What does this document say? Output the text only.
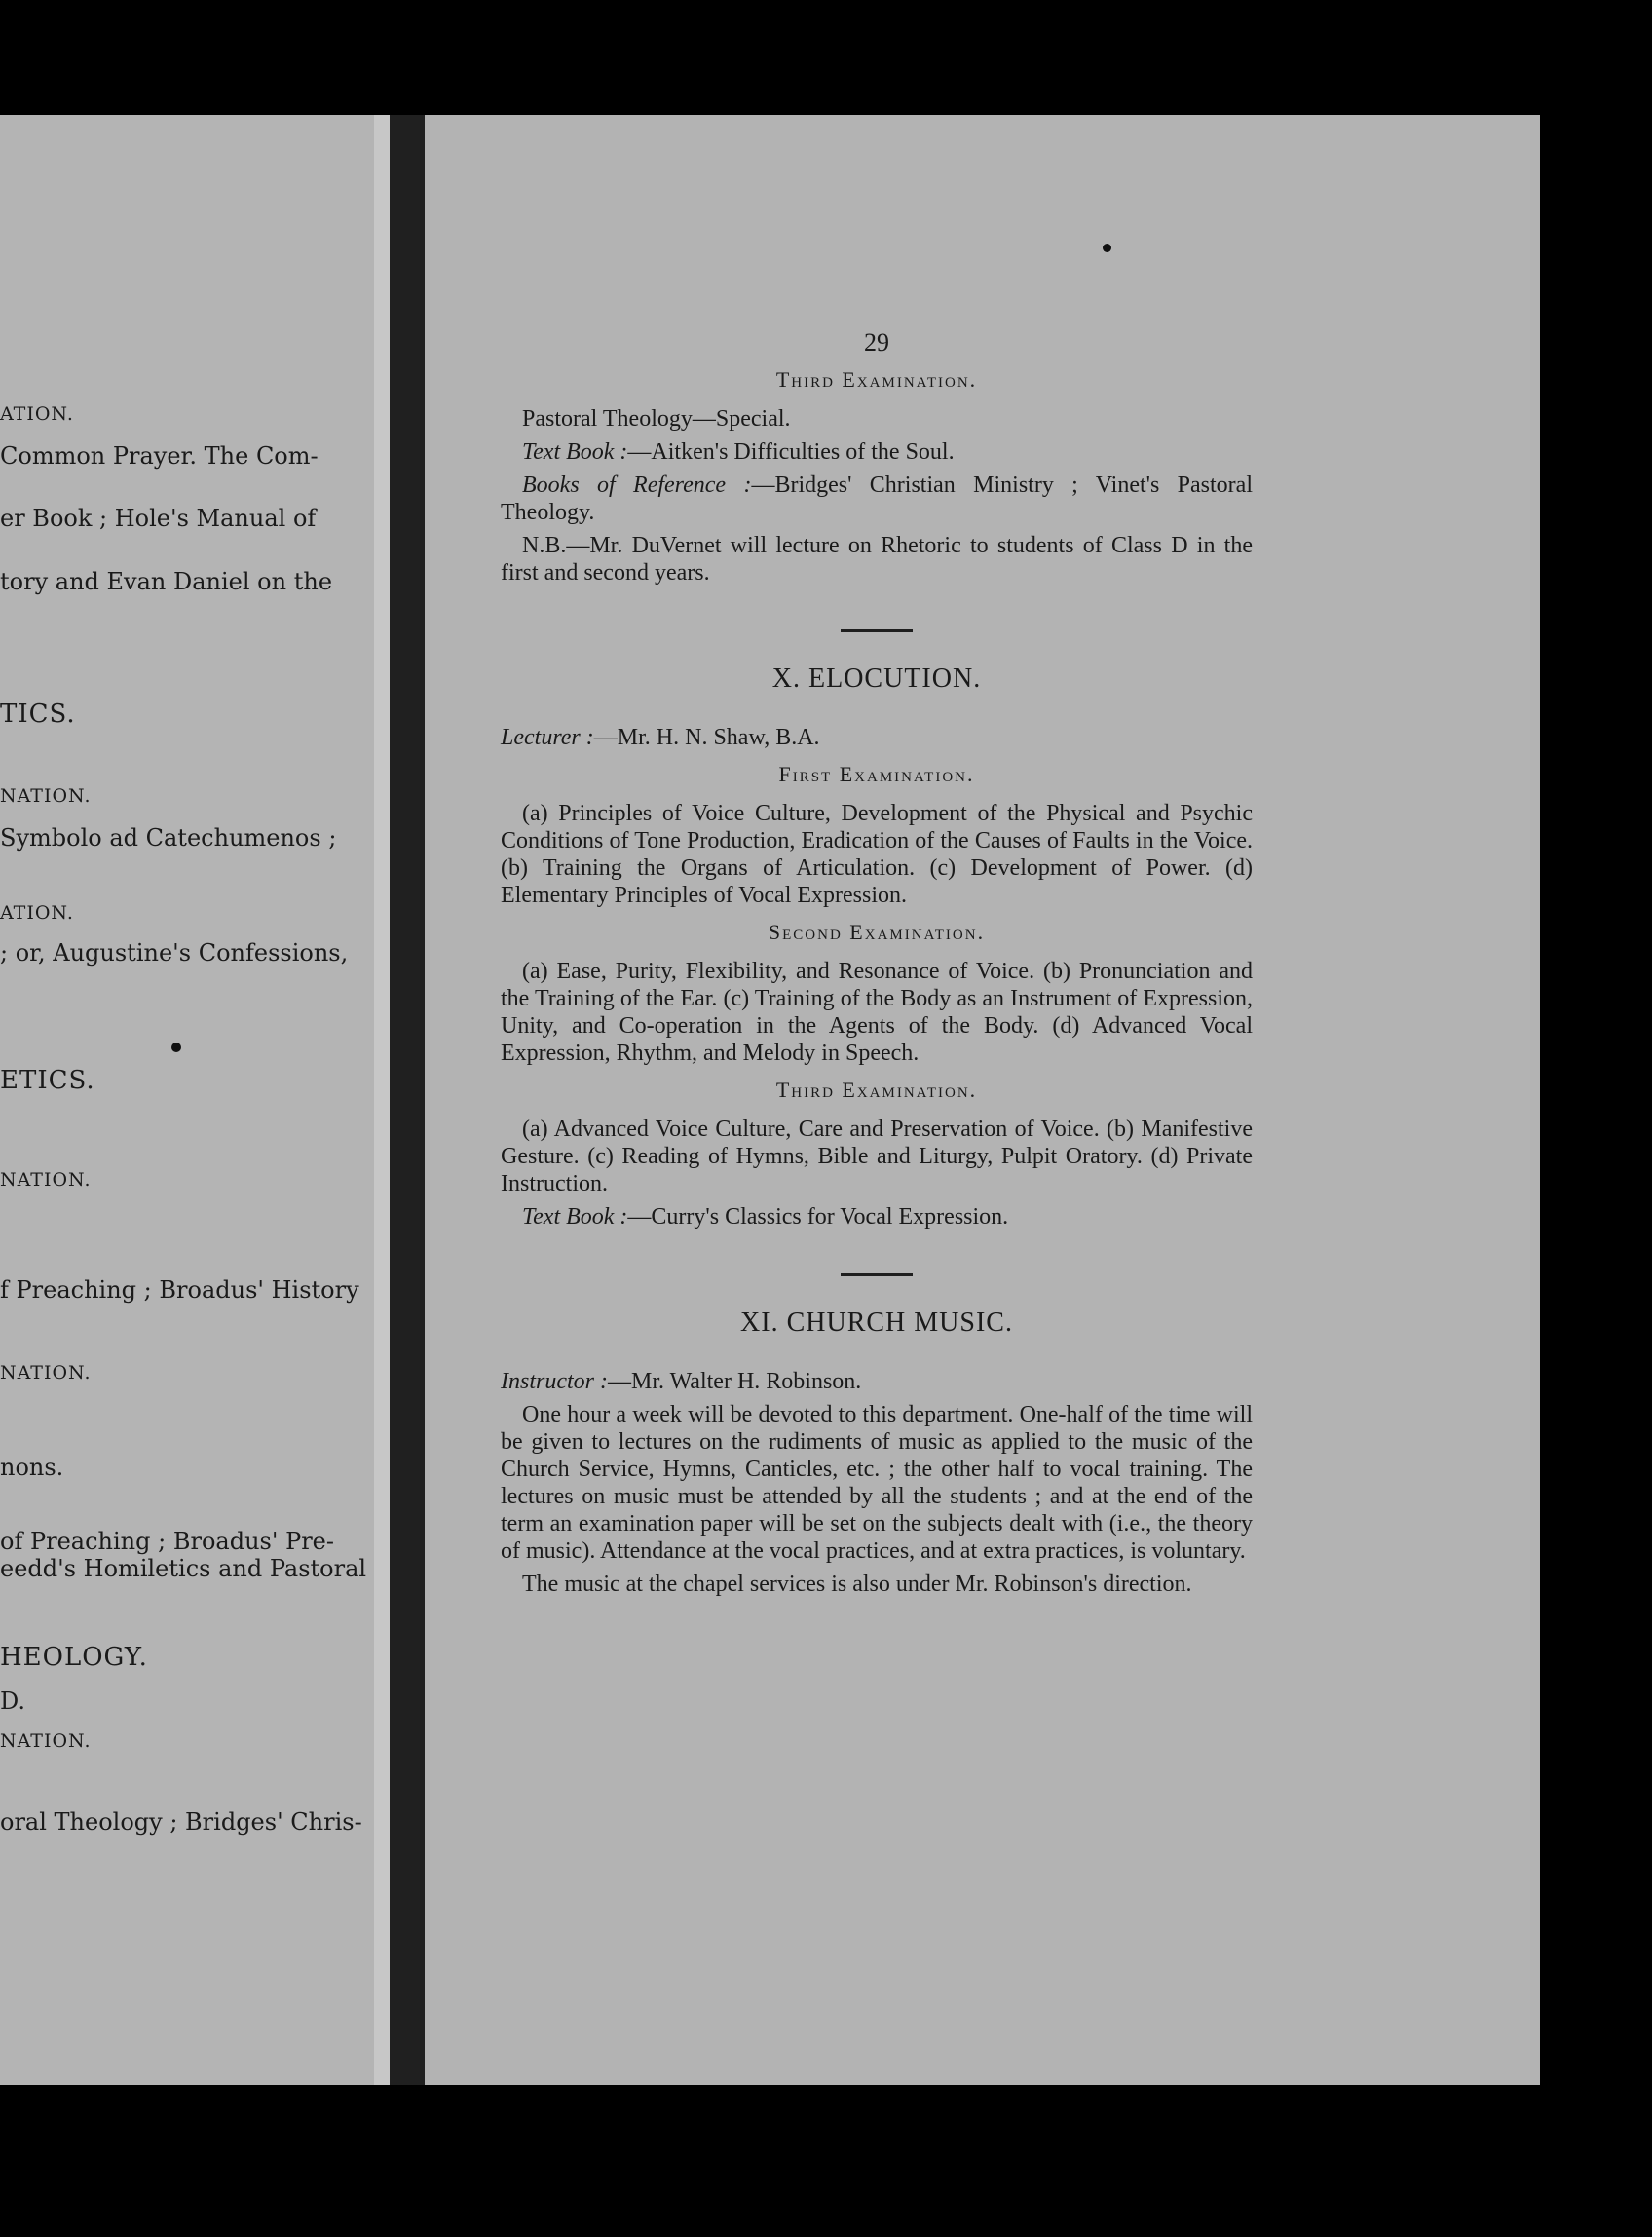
ATION.
Common Prayer. The Com-
er Book ; Hole's Manual of
tory and Evan Daniel on the
TICS.
NATION.
Symbolo ad Catechumenos ;
ATION.
; or, Augustine's Confessions,
ETICS.
NATION.
f Preaching ; Broadus' History
NATION.
nons.
of Preaching ; Broadus' Pre-
eedd's Homiletics and Pastoral
HEOLOGY.
D.
NATION.
oral Theology ; Bridges' Chris-
29
Third Examination.

Pastoral Theology—Special.

Text Book :—Aitken's Difficulties of the Soul.

Books of Reference :—Bridges' Christian Ministry ; Vinet's Pastoral Theology.

N.B.—Mr. DuVernet will lecture on Rhetoric to students of Class D in the first and second years.

X. ELOCUTION.

Lecturer :—Mr. H. N. Shaw, B.A.

First Examination.

(a) Principles of Voice Culture, Development of the Physical and Psychic Conditions of Tone Production, Eradication of the Causes of Faults in the Voice. (b) Training the Organs of Articulation. (c) Development of Power. (d) Elementary Principles of Vocal Expression.

Second Examination.

(a) Ease, Purity, Flexibility, and Resonance of Voice. (b) Pronunciation and the Training of the Ear. (c) Training of the Body as an Instrument of Expression, Unity, and Co-operation in the Agents of the Body. (d) Advanced Vocal Expression, Rhythm, and Melody in Speech.

Third Examination.

(a) Advanced Voice Culture, Care and Preservation of Voice. (b) Manifestive Gesture. (c) Reading of Hymns, Bible and Liturgy, Pulpit Oratory. (d) Private Instruction.

Text Book :—Curry's Classics for Vocal Expression.

XI. CHURCH MUSIC.

Instructor :—Mr. Walter H. Robinson.

One hour a week will be devoted to this department. One-half of the time will be given to lectures on the rudiments of music as applied to the music of the Church Service, Hymns, Canticles, etc. ; the other half to vocal training. The lectures on music must be attended by all the students ; and at the end of the term an examination paper will be set on the subjects dealt with (i.e., the theory of music). Attendance at the vocal practices, and at extra practices, is voluntary.

The music at the chapel services is also under Mr. Robinson's direction.
